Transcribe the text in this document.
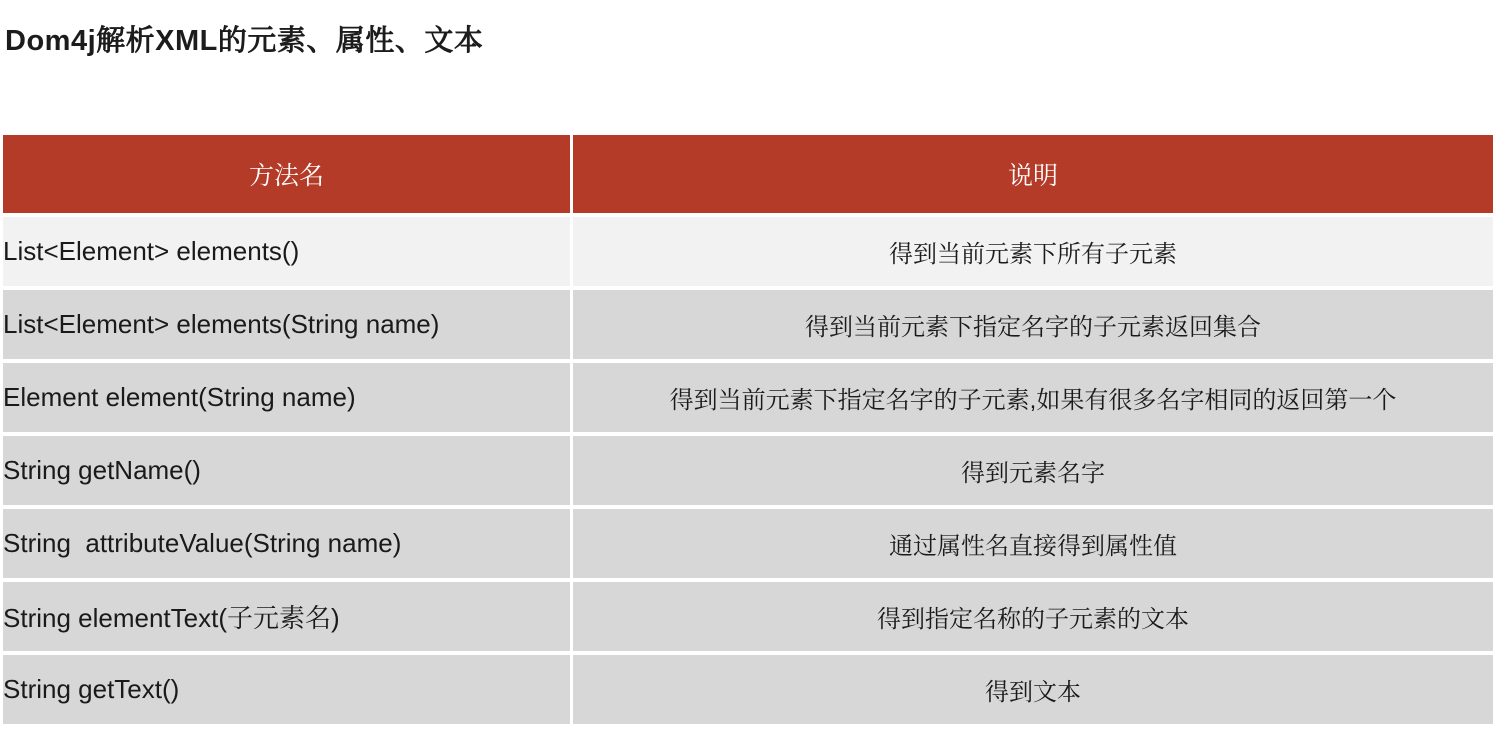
Dom4j解析XML的元素、属性、文本
方法名	说明
List<Element> elements()	得到当前元素下所有子元素
List<Element> elements(String name)	得到当前元素下指定名字的子元素返回集合
Element element(String name)	得到当前元素下指定名字的子元素,如果有很多名字相同的返回第一个
String getName()	得到元素名字
String  attributeValue(String name)	通过属性名直接得到属性值
String elementText(子元素名)	得到指定名称的子元素的文本
String getText()	得到文本
